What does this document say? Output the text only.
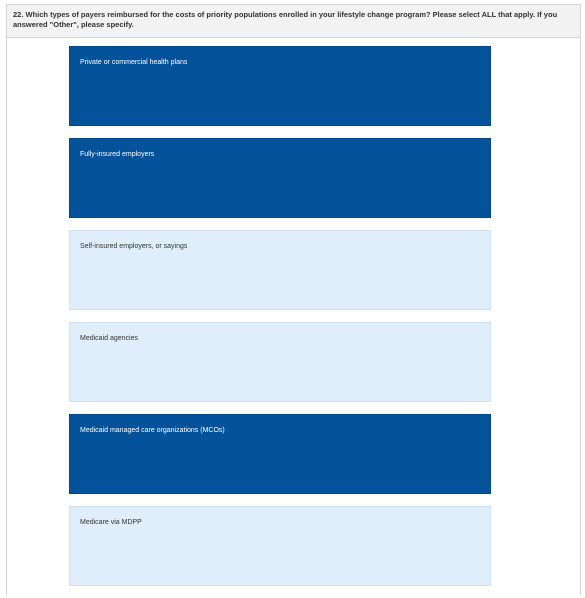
22. Which types of payers reimbursed for the costs of priority populations enrolled in your lifestyle change program? Please select ALL that apply. If you answered "Other", please specify.
Private or commercial health plans
Fully-insured employers
Self-insured employers, or sayings
Medicaid agencies
Medicaid managed care organizations (MCOs)
Medicare via MDPP
